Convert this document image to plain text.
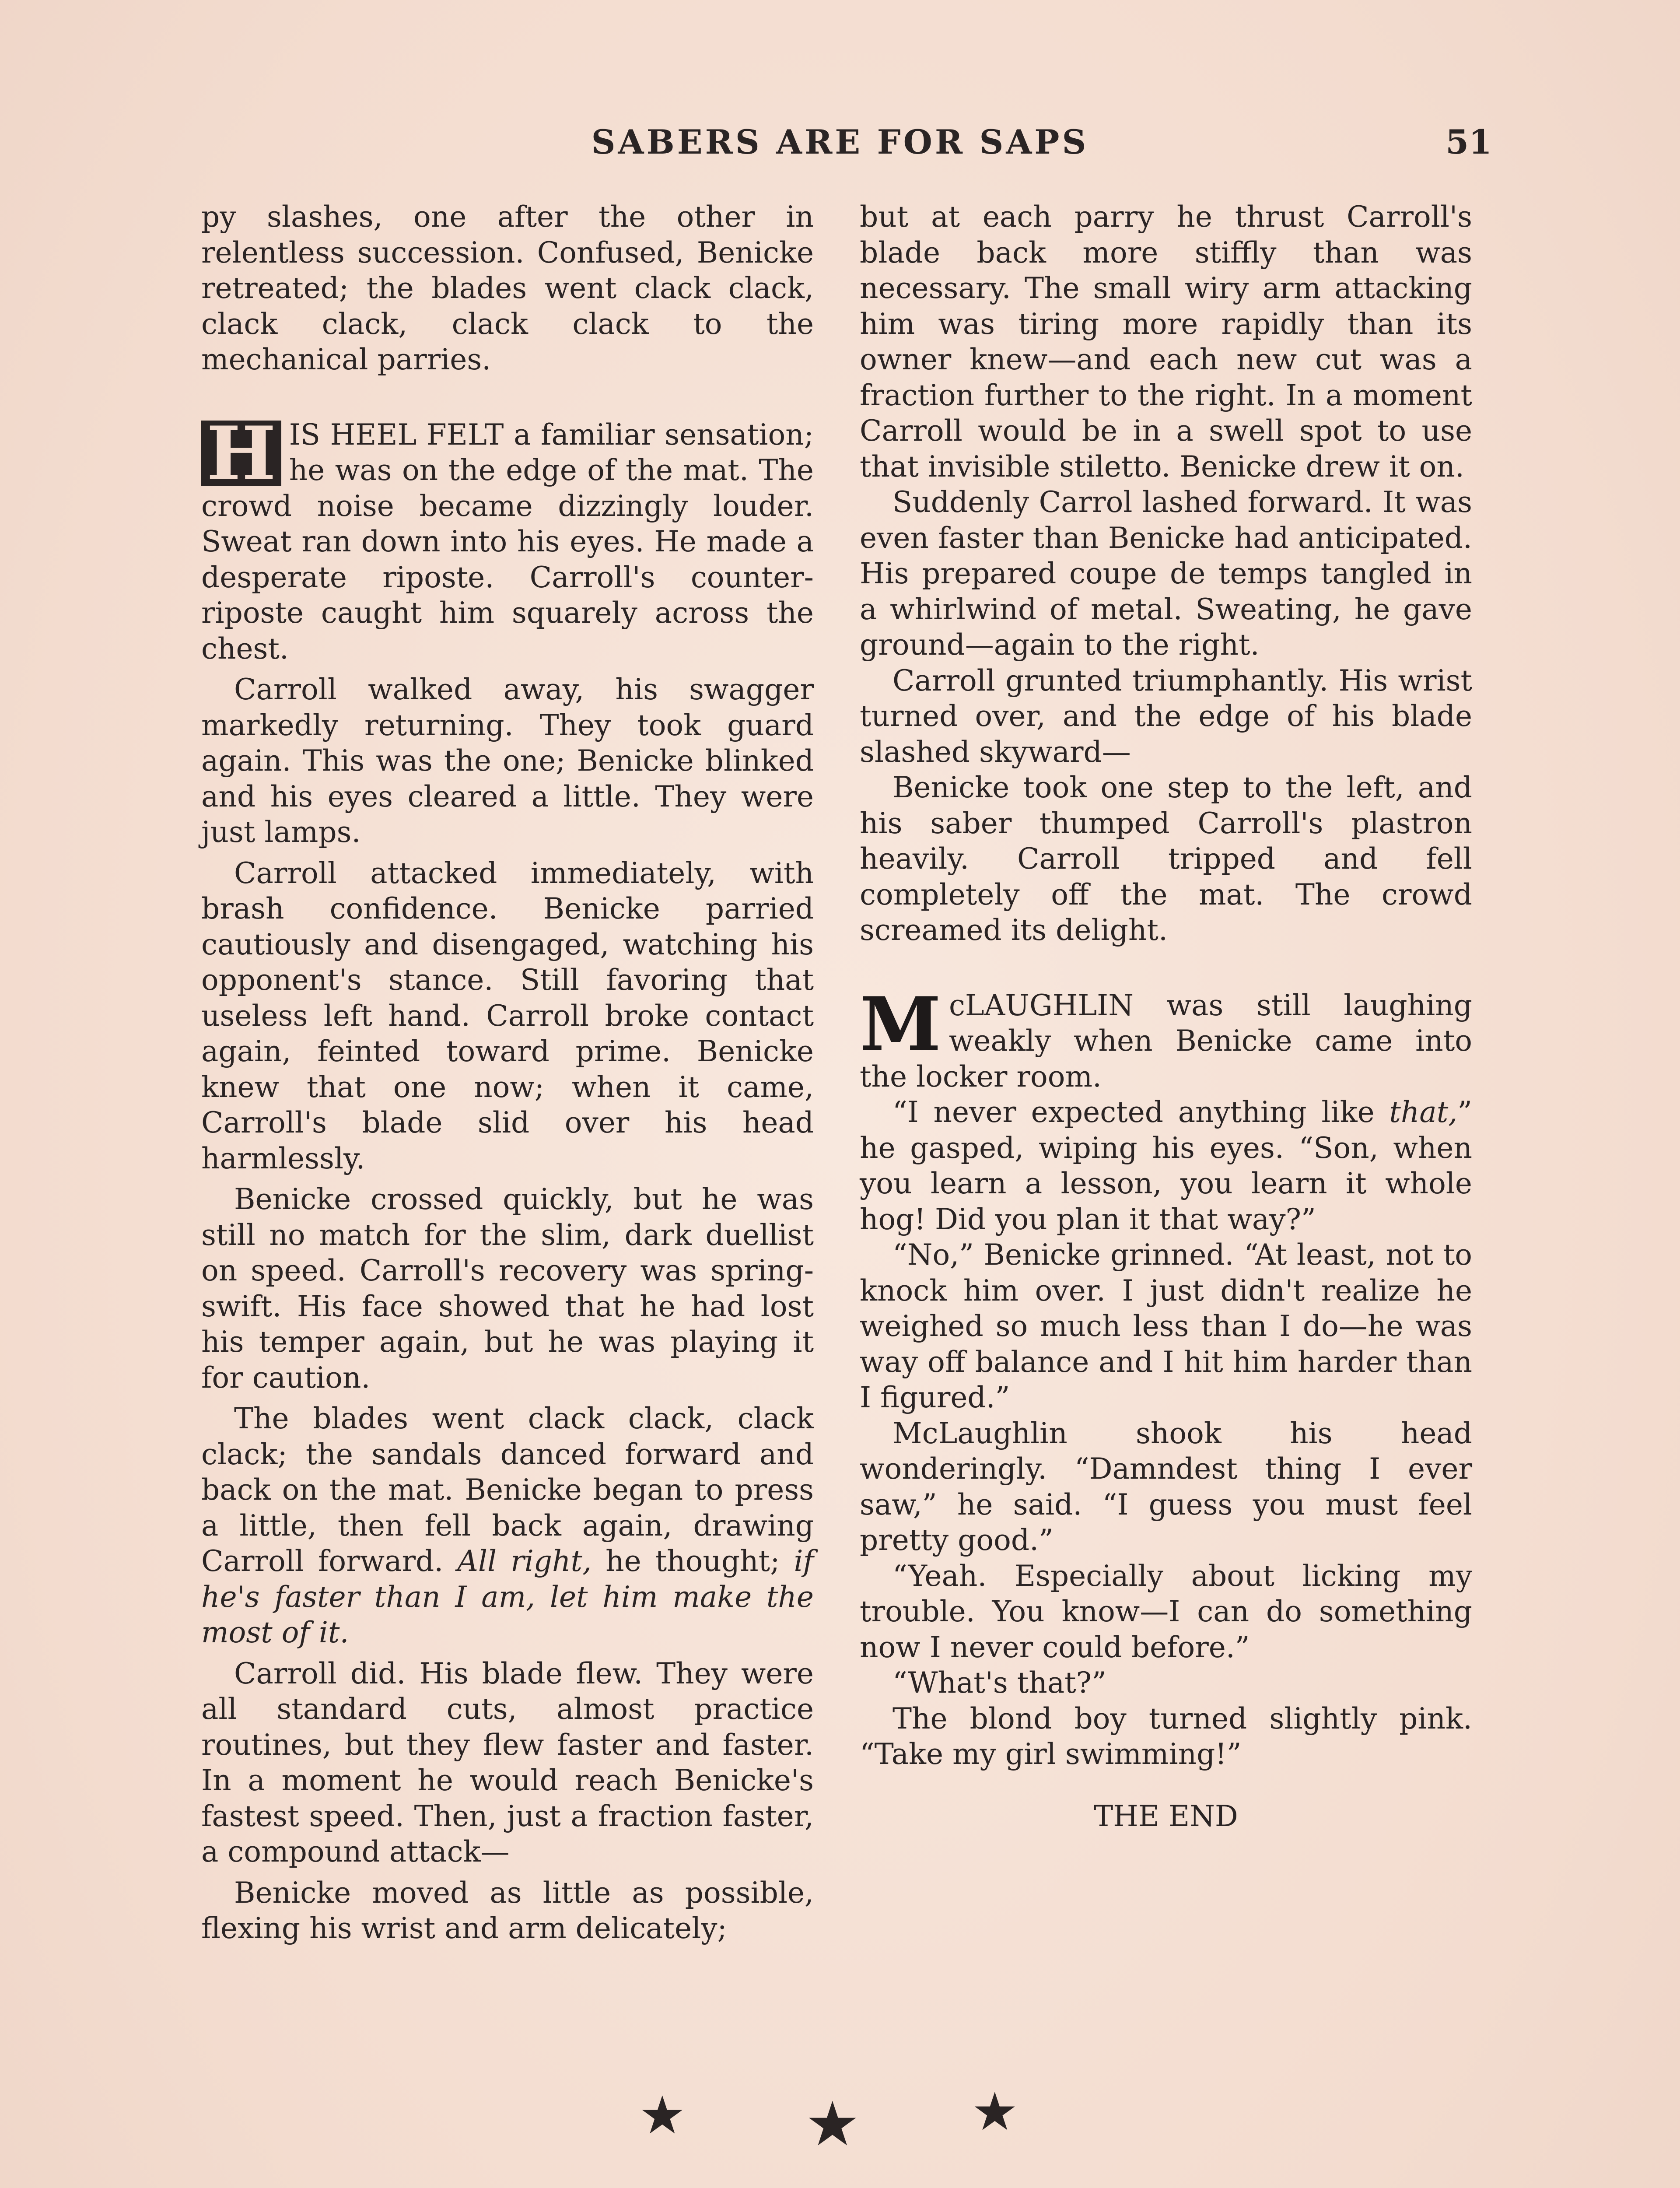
SABERS ARE FOR SAPS	51

py slashes, one after the other in relentless succession. Confused, Benicke retreated; the blades went clack clack, clack clack, clack clack to the mechanical parries.

H IS HEEL FELT a familiar sensation; he was on the edge of the mat. The crowd noise became dizzingly louder. Sweat ran down into his eyes. He made a desperate riposte. Carroll's counter-riposte caught him squarely across the chest.

Carroll walked away, his swagger markedly returning. They took guard again. This was the one; Benicke blinked and his eyes cleared a little. They were just lamps.

Carroll attacked immediately, with brash confidence. Benicke parried cautiously and disengaged, watching his opponent's stance. Still favoring that useless left hand. Carroll broke contact again, feinted toward prime. Benicke knew that one now; when it came, Carroll's blade slid over his head harmlessly.

Benicke crossed quickly, but he was still no match for the slim, dark duellist on speed. Carroll's recovery was spring-swift. His face showed that he had lost his temper again, but he was playing it for caution.

The blades went clack clack, clack clack; the sandals danced forward and back on the mat. Benicke began to press a little, then fell back again, drawing Carroll forward. All right, he thought; if he's faster than I am, let him make the most of it.

Carroll did. His blade flew. They were all standard cuts, almost practice routines, but they flew faster and faster. In a moment he would reach Benicke's fastest speed. Then, just a fraction faster, a compound attack—

Benicke moved as little as possible, flexing his wrist and arm delicately;

but at each parry he thrust Carroll's blade back more stiffly than was necessary. The small wiry arm attacking him was tiring more rapidly than its owner knew—and each new cut was a fraction further to the right. In a moment Carroll would be in a swell spot to use that invisible stiletto. Benicke drew it on.

Suddenly Carrol lashed forward. It was even faster than Benicke had anticipated. His prepared coupe de temps tangled in a whirlwind of metal. Sweating, he gave ground—again to the right.

Carroll grunted triumphantly. His wrist turned over, and the edge of his blade slashed skyward—

Benicke took one step to the left, and his saber thumped Carroll's plastron heavily. Carroll tripped and fell completely off the mat. The crowd screamed its delight.

McLAUGHLIN was still laughing weakly when Benicke came into the locker room.

“I never expected anything like that,” he gasped, wiping his eyes. “Son, when you learn a lesson, you learn it whole hog! Did you plan it that way?”

“No,” Benicke grinned. “At least, not to knock him over. I just didn't realize he weighed so much less than I do—he was way off balance and I hit him harder than I figured.”

McLaughlin shook his head wonderingly. “Damndest thing I ever saw,” he said. “I guess you must feel pretty good.”

“Yeah. Especially about licking my trouble. You know—I can do something now I never could before.”

“What's that?”

The blond boy turned slightly pink. “Take my girl swimming!”

THE END

★ ★ ★
